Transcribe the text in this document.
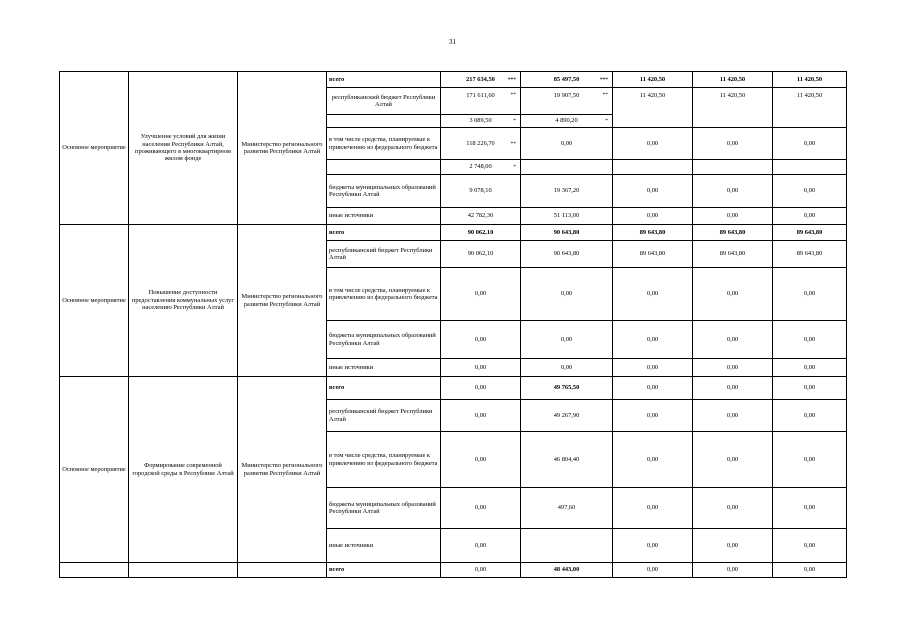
31
Основное мероприятие	Улучшение условий для жизни населения Республики Алтай, проживающего в многоквартирном жилом фонде	Министерство регионального развития Республики Алтай	всего	217 634,50 ***	85 497,50 ***	11 420,50	11 420,50	11 420,50
			республиканский бюджет Республики Алтай	171 611,60 **	19 907,50 **	11 420,50	11 420,50	11 420,50
				3 089,50 *	4 890,20 *			

			в том числе средства, планируемые к привлечению из федерального бюджета	118 226,70 **	0,00	0,00	0,00	0,00
				2 748,00 *				

			бюджеты муниципальных образований Республики Алтай	9 078,10	19 367,20	0,00	0,00	0,00
			иные источники	42 782,30	51 113,00	0,00	0,00	0,00
Основное мероприятие	Повышение доступности предоставления коммунальных услуг населению Республики Алтай	Министерство регионального развития Республики Алтай	всего	90 062,10	90 643,80	89 643,80	89 643,80	89 643,80
			республиканский бюджет Республики Алтай	90 062,10	90 643,80	89 643,80	89 643,80	89 643,80
			в том числе средства, планируемые к привлечению из федерального бюджета	0,00	0,00	0,00	0,00	0,00
			бюджеты муниципальных образований Республики Алтай	0,00	0,00	0,00	0,00	0,00
			иные источники	0,00	0,00	0,00	0,00	0,00
Основное мероприятие	Формирование современной городской среды в Республике Алтай	Министерство регионального развития Республики Алтай	всего	0,00	49 765,50	0,00	0,00	0,00
			республиканский бюджет Республики Алтай	0,00	49 267,90	0,00	0,00	0,00
			в том числе средства, планируемые к привлечению из федерального бюджета	0,00	46 804,40	0,00	0,00	0,00
			бюджеты муниципальных образований Республики Алтай	0,00	497,60	0,00	0,00	0,00
			иные источники	0,00		0,00	0,00	0,00
			всего	0,00	48 443,00	0,00	0,00	0,00
